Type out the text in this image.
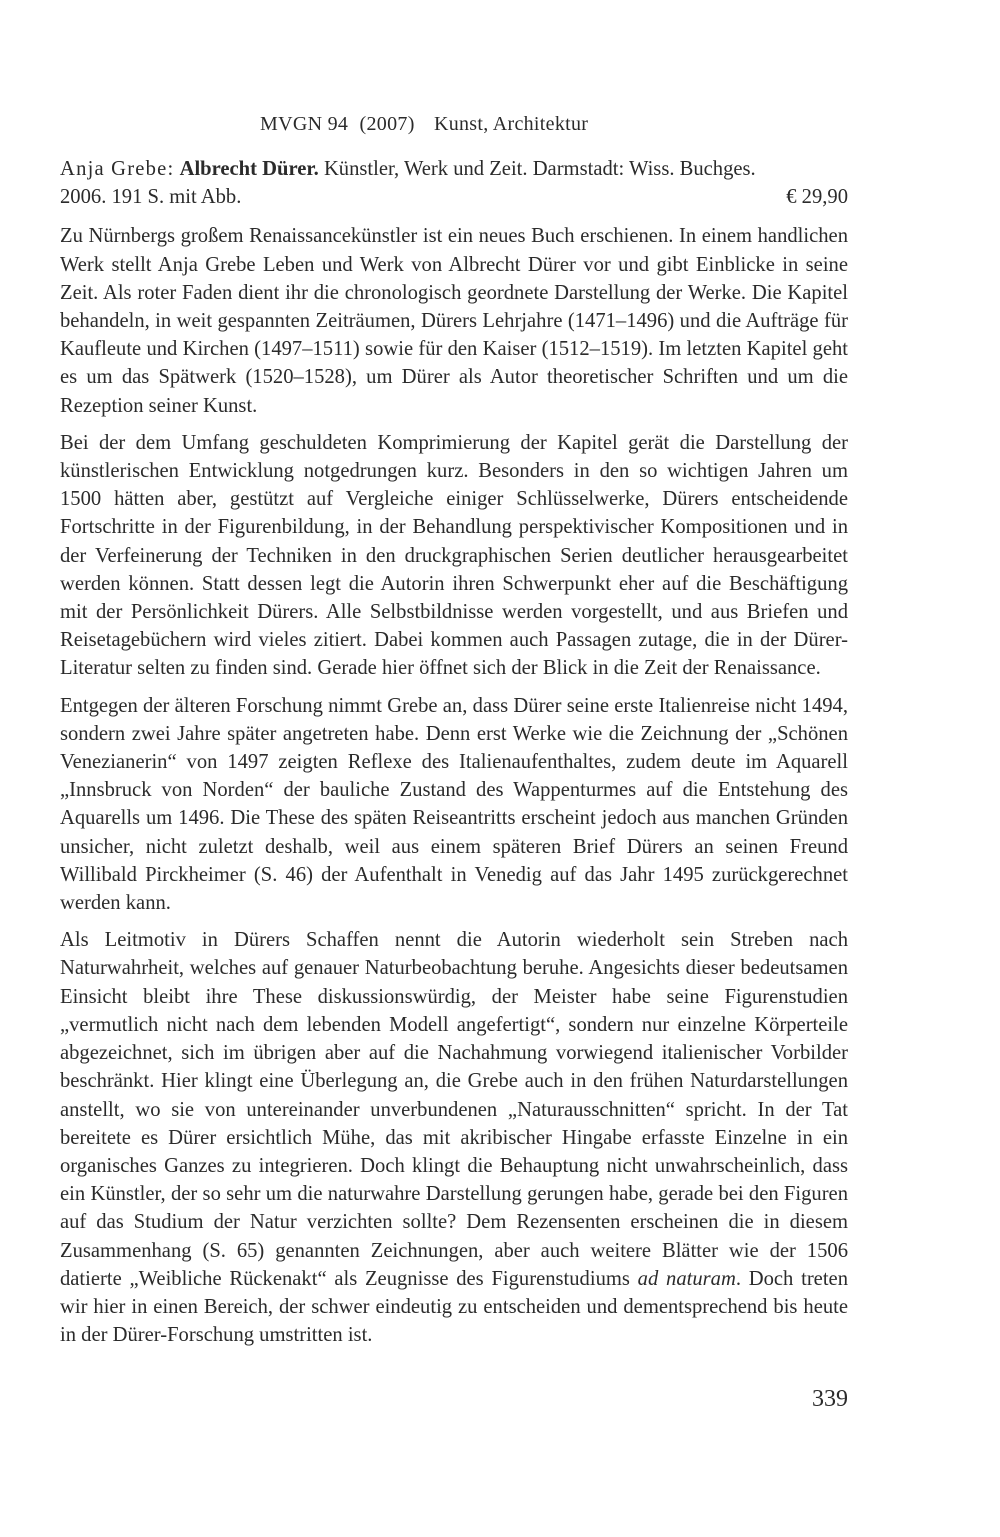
MVGN 94 (2007) Kunst, Architektur

Anja Grebe: Albrecht Dürer. Künstler, Werk und Zeit. Darmstadt: Wiss. Buchges.

2006. 191 S. mit Abb.	€ 29,90

Zu Nürnbergs großem Renaissancekünstler ist ein neues Buch erschienen. In einem handlichen Werk stellt Anja Grebe Leben und Werk von Albrecht Dürer vor und gibt Einblicke in seine Zeit. Als roter Faden dient ihr die chronologisch geordnete Darstellung der Werke. Die Kapitel behandeln, in weit gespannten Zeiträumen, Dürers Lehrjahre (1471–1496) und die Aufträge für Kaufleute und Kirchen (1497–1511) sowie für den Kaiser (1512–1519). Im letzten Kapitel geht es um das Spätwerk (1520–1528), um Dürer als Autor theoretischer Schriften und um die Rezeption seiner Kunst.

Bei der dem Umfang geschuldeten Komprimierung der Kapitel gerät die Darstellung der künstlerischen Entwicklung notgedrungen kurz. Besonders in den so wichtigen Jahren um 1500 hätten aber, gestützt auf Vergleiche einiger Schlüsselwerke, Dürers entscheidende Fortschritte in der Figurenbildung, in der Behandlung perspektivischer Kompositionen und in der Verfeinerung der Techniken in den druckgraphischen Serien deutlicher herausgearbeitet werden können. Statt dessen legt die Autorin ihren Schwerpunkt eher auf die Beschäftigung mit der Persönlichkeit Dürers. Alle Selbstbildnisse werden vorgestellt, und aus Briefen und Reisetagebüchern wird vieles zitiert. Dabei kommen auch Passagen zutage, die in der Dürer-Literatur selten zu finden sind. Gerade hier öffnet sich der Blick in die Zeit der Renaissance.

Entgegen der älteren Forschung nimmt Grebe an, dass Dürer seine erste Italienreise nicht 1494, sondern zwei Jahre später angetreten habe. Denn erst Werke wie die Zeichnung der „Schönen Venezianerin“ von 1497 zeigten Reflexe des Italienaufenthaltes, zudem deute im Aquarell „Innsbruck von Norden“ der bauliche Zustand des Wappenturmes auf die Entstehung des Aquarells um 1496. Die These des späten Reiseantritts erscheint jedoch aus manchen Gründen unsicher, nicht zuletzt deshalb, weil aus einem späteren Brief Dürers an seinen Freund Willibald Pirckheimer (S. 46) der Aufenthalt in Venedig auf das Jahr 1495 zurückgerechnet werden kann.

Als Leitmotiv in Dürers Schaffen nennt die Autorin wiederholt sein Streben nach Naturwahrheit, welches auf genauer Naturbeobachtung beruhe. Angesichts dieser bedeutsamen Einsicht bleibt ihre These diskussionswürdig, der Meister habe seine Figurenstudien „vermutlich nicht nach dem lebenden Modell angefertigt“, sondern nur einzelne Körperteile abgezeichnet, sich im übrigen aber auf die Nachahmung vorwiegend italienischer Vorbilder beschränkt. Hier klingt eine Überlegung an, die Grebe auch in den frühen Naturdarstellungen anstellt, wo sie von untereinander unverbundenen „Naturausschnitten“ spricht. In der Tat bereitete es Dürer ersichtlich Mühe, das mit akribischer Hingabe erfasste Einzelne in ein organisches Ganzes zu integrieren. Doch klingt die Behauptung nicht unwahrscheinlich, dass ein Künstler, der so sehr um die naturwahre Darstellung gerungen habe, gerade bei den Figuren auf das Studium der Natur verzichten sollte? Dem Rezensenten erscheinen die in diesem Zusammenhang (S. 65) genannten Zeichnungen, aber auch weitere Blätter wie der 1506 datierte „Weibliche Rückenakt“ als Zeugnisse des Figurenstudiums ad naturam. Doch treten wir hier in einen Bereich, der schwer eindeutig zu entscheiden und dementsprechend bis heute in der Dürer-Forschung umstritten ist.

339
